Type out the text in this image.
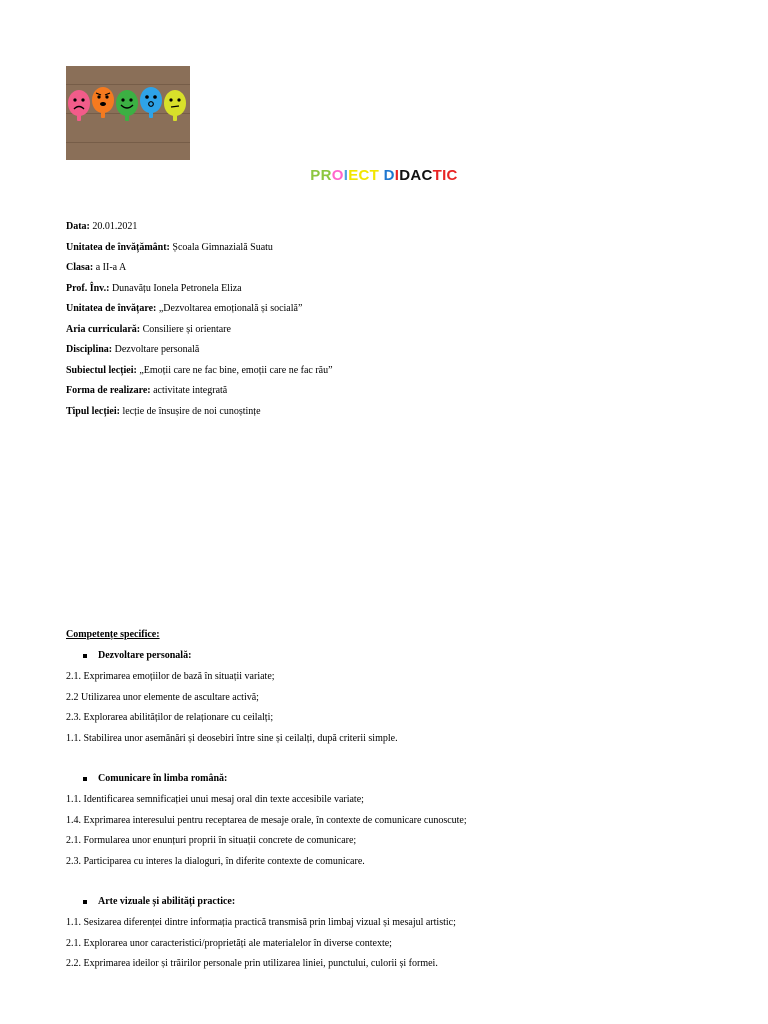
PROIECT DIDACTIC
Data: 20.01.2021
Unitatea de învățământ: Școala Gimnazială Suatu
Clasa: a II-a A
Prof. Înv.: Dunavățu Ionela Petronela Eliza
Unitatea de învățare: „Dezvoltarea emoțională și socială”
Aria curriculară: Consiliere și orientare
Disciplina: Dezvoltare personală
Subiectul lecției: „Emoții care ne fac bine, emoții care ne fac rău”
Forma de realizare: activitate integrată
Tipul lecției: lecție de însușire de noi cunoștințe
Competențe specifice:
Dezvoltare personală:
2.1. Exprimarea emoțiilor de bază în situații variate;
2.2 Utilizarea unor elemente de ascultare activă;
2.3. Explorarea abilităților de relaționare cu ceilalți;
1.1. Stabilirea unor asemănări și deosebiri între sine și ceilalți, după criterii simple.
Comunicare în limba română:
1.1. Identificarea semnificației unui mesaj oral din texte accesibile variate;
1.4. Exprimarea interesului pentru receptarea de mesaje orale, în contexte de comunicare cunoscute;
2.1. Formularea unor enunțuri proprii în situații concrete de comunicare;
2.3. Participarea cu interes la dialoguri, în diferite contexte de comunicare.
Arte vizuale și abilități practice:
1.1. Sesizarea diferenței dintre informația practică transmisă prin limbaj vizual și mesajul artistic;
2.1. Explorarea unor caracteristici/proprietăți ale materialelor în diverse contexte;
2.2. Exprimarea ideilor și trăirilor personale prin utilizarea liniei, punctului, culorii și formei.
